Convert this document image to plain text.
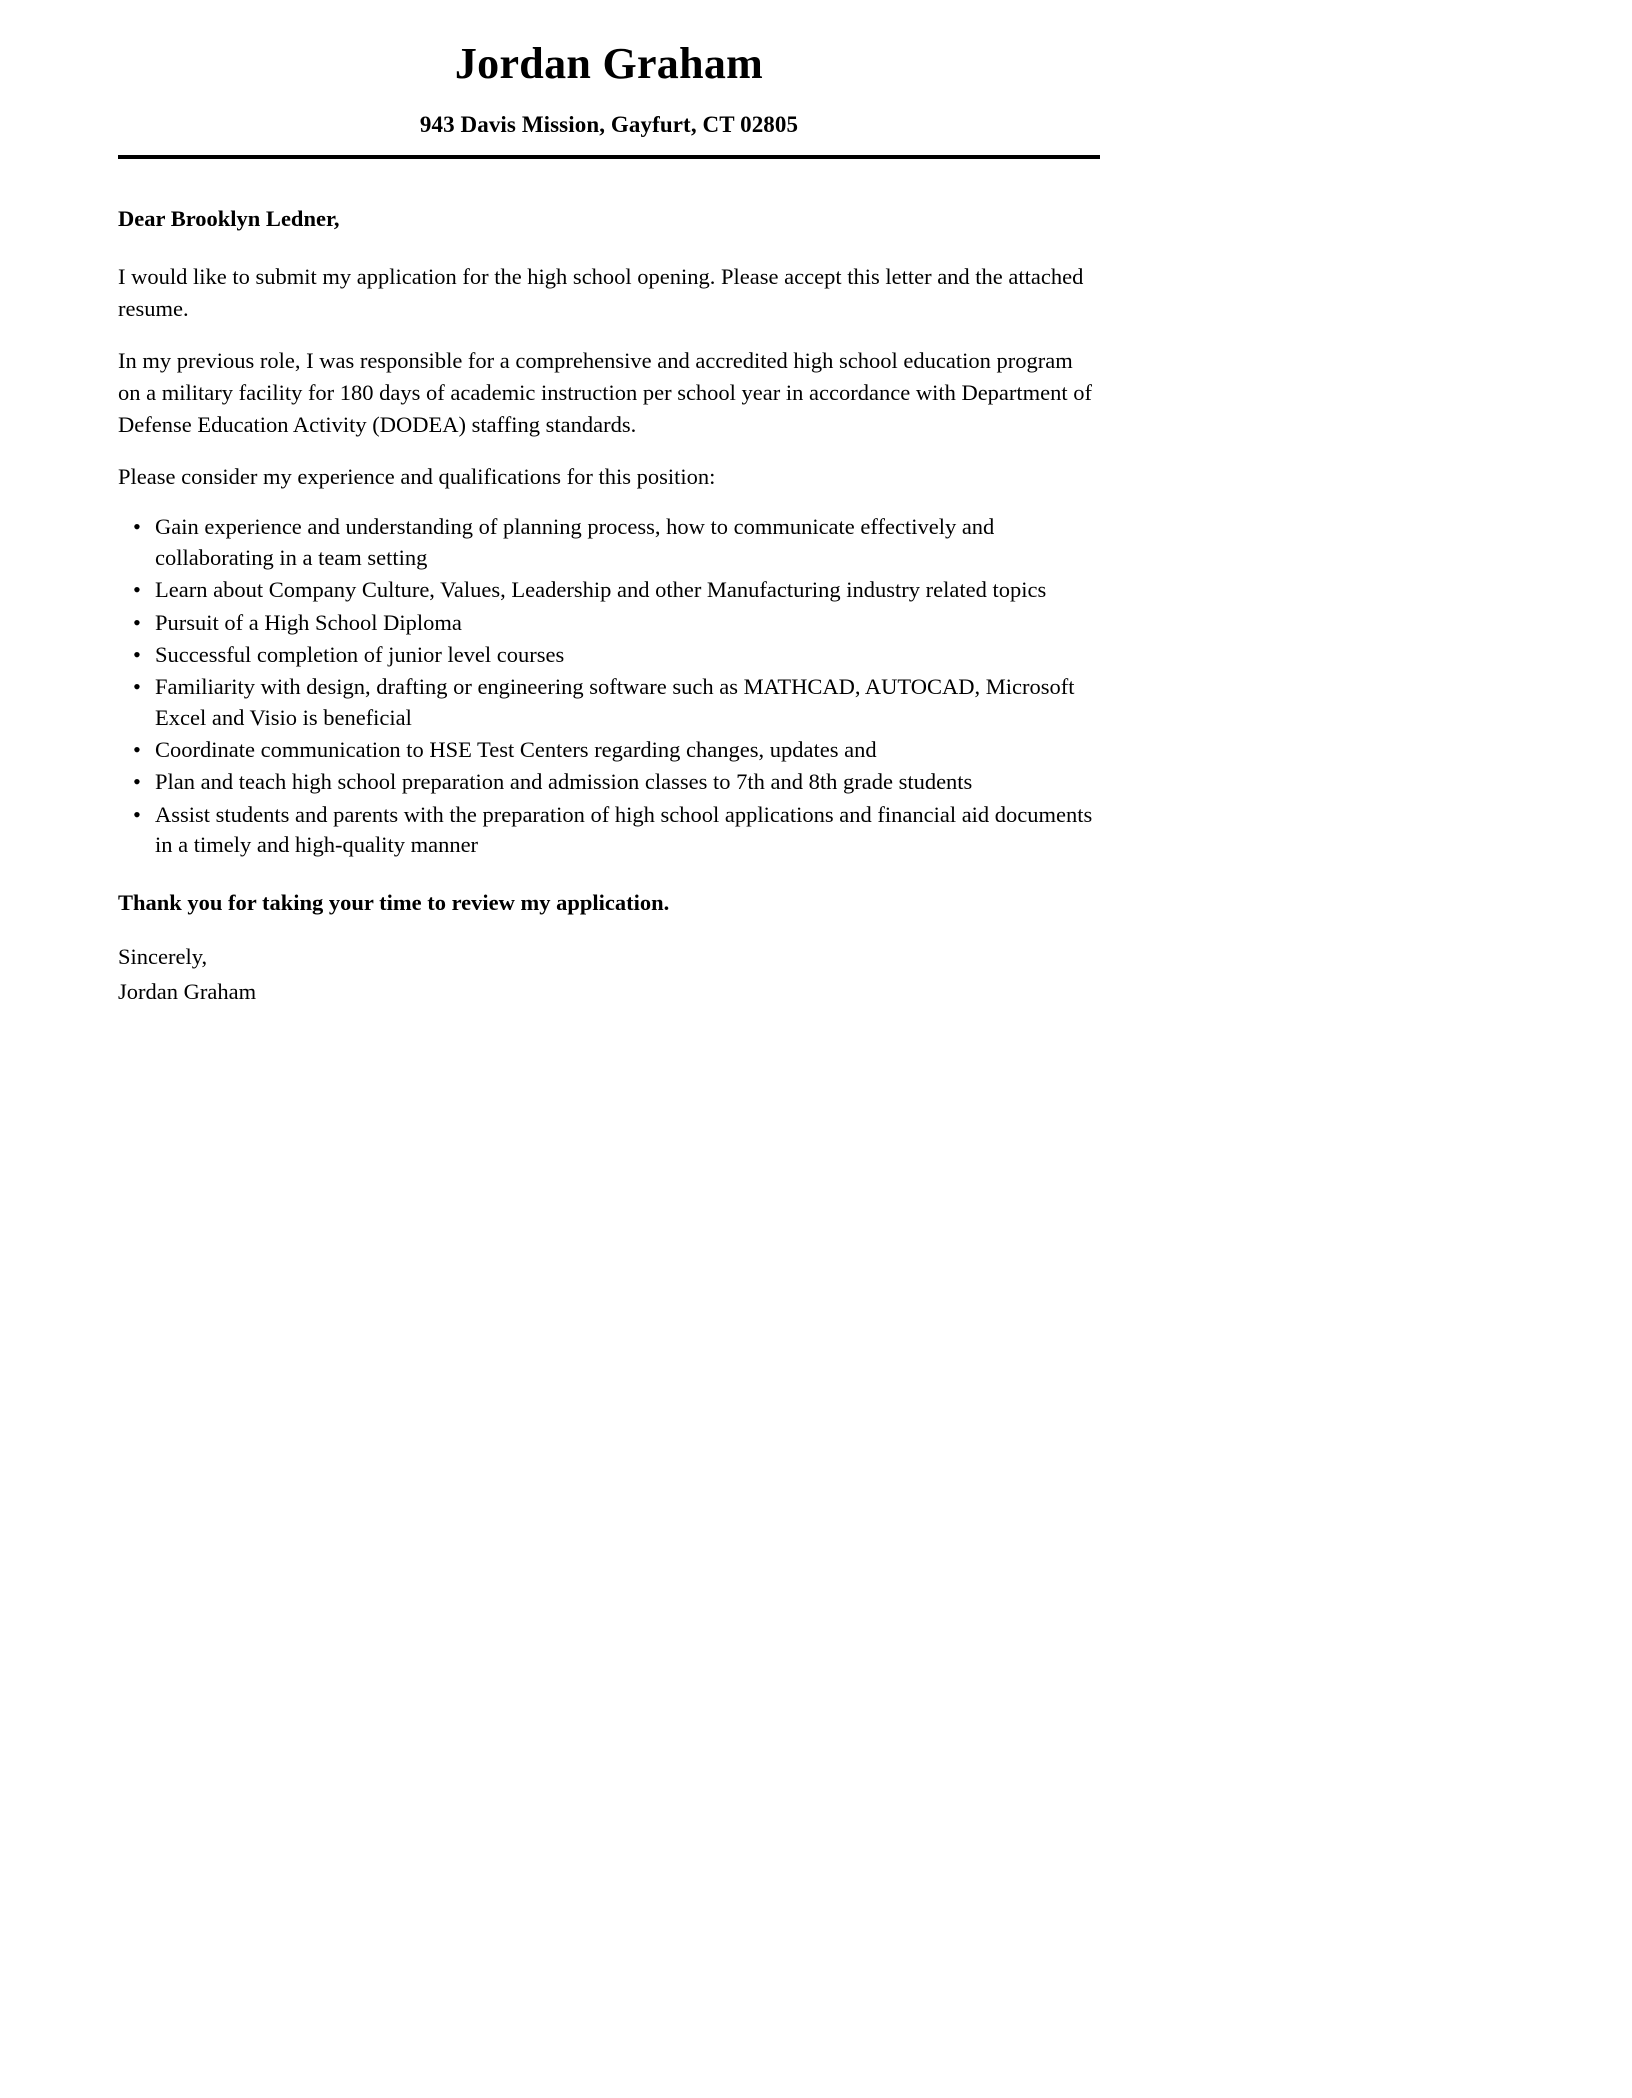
Jordan Graham

943 Davis Mission, Gayfurt, CT 02805

Dear Brooklyn Ledner,

I would like to submit my application for the high school opening. Please accept this letter and the attached resume.

In my previous role, I was responsible for a comprehensive and accredited high school education program on a military facility for 180 days of academic instruction per school year in accordance with Department of Defense Education Activity (DODEA) staffing standards.

Please consider my experience and qualifications for this position:

• Gain experience and understanding of planning process, how to communicate effectively and collaborating in a team setting
• Learn about Company Culture, Values, Leadership and other Manufacturing industry related topics
• Pursuit of a High School Diploma
• Successful completion of junior level courses
• Familiarity with design, drafting or engineering software such as MATHCAD, AUTOCAD, Microsoft Excel and Visio is beneficial
• Coordinate communication to HSE Test Centers regarding changes, updates and
• Plan and teach high school preparation and admission classes to 7th and 8th grade students
• Assist students and parents with the preparation of high school applications and financial aid documents in a timely and high-quality manner

Thank you for taking your time to review my application.

Sincerely,

Jordan Graham
